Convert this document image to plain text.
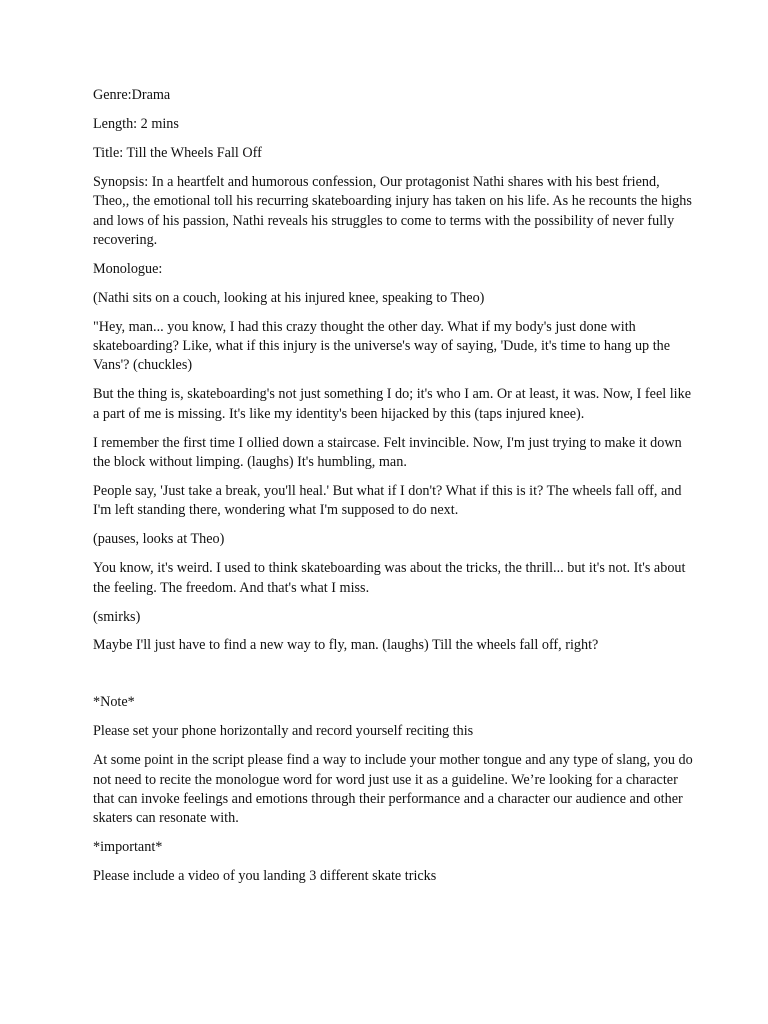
Genre:Drama

Length: 2 mins

Title: Till the Wheels Fall Off

Synopsis: In a heartfelt and humorous confession, Our protagonist Nathi shares with his best friend, Theo,, the emotional toll his recurring skateboarding injury has taken on his life. As he recounts the highs and lows of his passion, Nathi reveals his struggles to come to terms with the possibility of never fully recovering.

Monologue:

(Nathi sits on a couch, looking at his injured knee, speaking to Theo)

"Hey, man... you know, I had this crazy thought the other day. What if my body's just done with skateboarding? Like, what if this injury is the universe's way of saying, 'Dude, it's time to hang up the Vans'? (chuckles)

But the thing is, skateboarding's not just something I do; it's who I am. Or at least, it was. Now, I feel like a part of me is missing. It's like my identity's been hijacked by this (taps injured knee).

I remember the first time I ollied down a staircase. Felt invincible. Now, I'm just trying to make it down the block without limping. (laughs) It's humbling, man.

People say, 'Just take a break, you'll heal.' But what if I don't? What if this is it? The wheels fall off, and I'm left standing there, wondering what I'm supposed to do next.

(pauses, looks at Theo)

You know, it's weird. I used to think skateboarding was about the tricks, the thrill... but it's not. It's about the feeling. The freedom. And that's what I miss.

(smirks)

Maybe I'll just have to find a new way to fly, man. (laughs) Till the wheels fall off, right?

*Note*

Please set your phone horizontally and record yourself reciting this

At some point in the script please find a way to include your mother tongue and any type of slang, you do not need to recite the monologue word for word just use it as a guideline. We’re looking for a character that can invoke feelings and emotions through their performance and a character our audience and other skaters can resonate with.

*important*

Please include a video of you landing 3 different skate tricks
